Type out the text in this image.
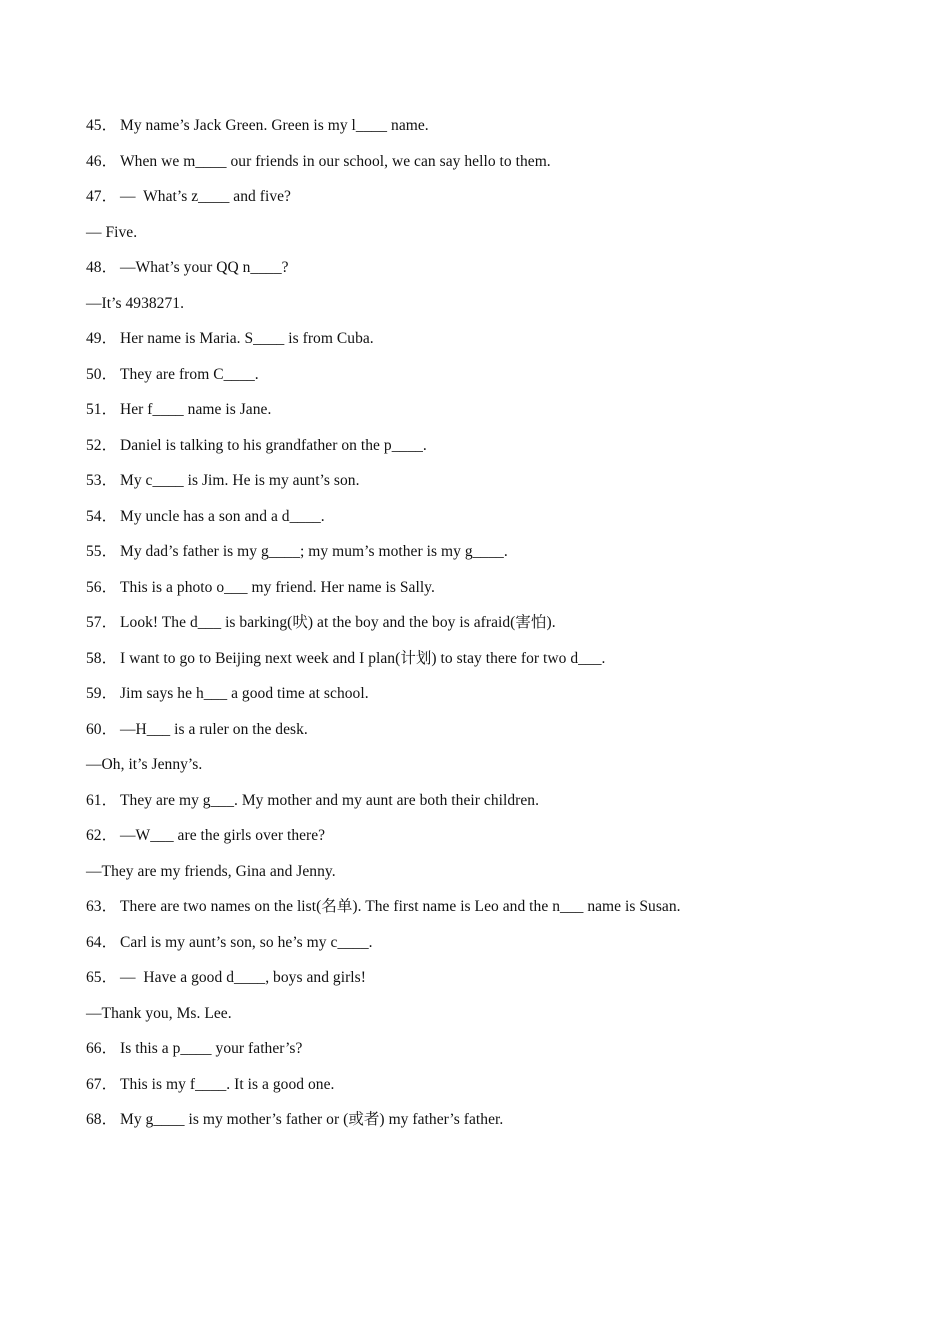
45． My name’s Jack Green. Green is my l____ name.
46． When we m____ our friends in our school, we can say hello to them.
47． —  What’s z____ and five?
— Five.
48． —What’s your QQ n____?
—It’s 4938271.
49． Her name is Maria. S____ is from Cuba.
50． They are from C____.
51． Her f____ name is Jane.
52． Daniel is talking to his grandfather on the p____.
53． My c____ is Jim. He is my aunt’s son.
54． My uncle has a son and a d____.
55． My dad’s father is my g____; my mum’s mother is my g____.
56． This is a photo o___ my friend. Her name is Sally.
57． Look! The d___ is barking(吠) at the boy and the boy is afraid(害怕).
58． I want to go to Beijing next week and I plan(计划) to stay there for two d___.
59． Jim says he h___ a good time at school.
60． —H___ is a ruler on the desk.
—Oh, it’s Jenny’s.
61． They are my g___. My mother and my aunt are both their children.
62． —W___ are the girls over there?
—They are my friends, Gina and Jenny.
63． There are two names on the list(名单). The first name is Leo and the n___ name is Susan.
64． Carl is my aunt’s son, so he’s my c____.
65． —  Have a good d____, boys and girls!
—Thank you, Ms. Lee.
66． Is this a p____ your father’s?
67． This is my f____. It is a good one.
68． My g____ is my mother’s father or (或者) my father’s father.
